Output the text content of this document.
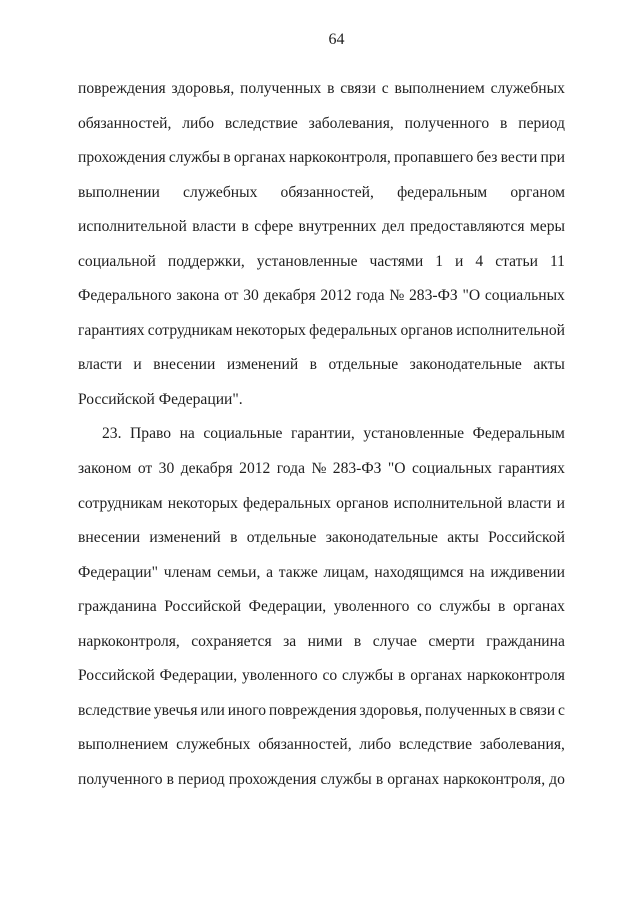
64
повреждения здоровья, полученных в связи с выполнением служебных
обязанностей, либо вследствие заболевания, полученного в период
прохождения службы в органах наркоконтроля, пропавшего без вести при
выполнении служебных обязанностей, федеральным органом
исполнительной власти в сфере внутренних дел предоставляются меры
социальной поддержки, установленные частями 1 и 4 статьи 11
Федерального закона от 30 декабря 2012 года № 283-ФЗ "О социальных
гарантиях сотрудникам некоторых федеральных органов исполнительной
власти и внесении изменений в отдельные законодательные акты
Российской Федерации".
23. Право на социальные гарантии, установленные Федеральным
законом от 30 декабря 2012 года № 283-ФЗ "О социальных гарантиях
сотрудникам некоторых федеральных органов исполнительной власти и
внесении изменений в отдельные законодательные акты Российской
Федерации" членам семьи, а также лицам, находящимся на иждивении
гражданина Российской Федерации, уволенного со службы в органах
наркоконтроля, сохраняется за ними в случае смерти гражданина
Российской Федерации, уволенного со службы в органах наркоконтроля
вследствие увечья или иного повреждения здоровья, полученных в связи с
выполнением служебных обязанностей, либо вследствие заболевания,
полученного в период прохождения службы в органах наркоконтроля, до
